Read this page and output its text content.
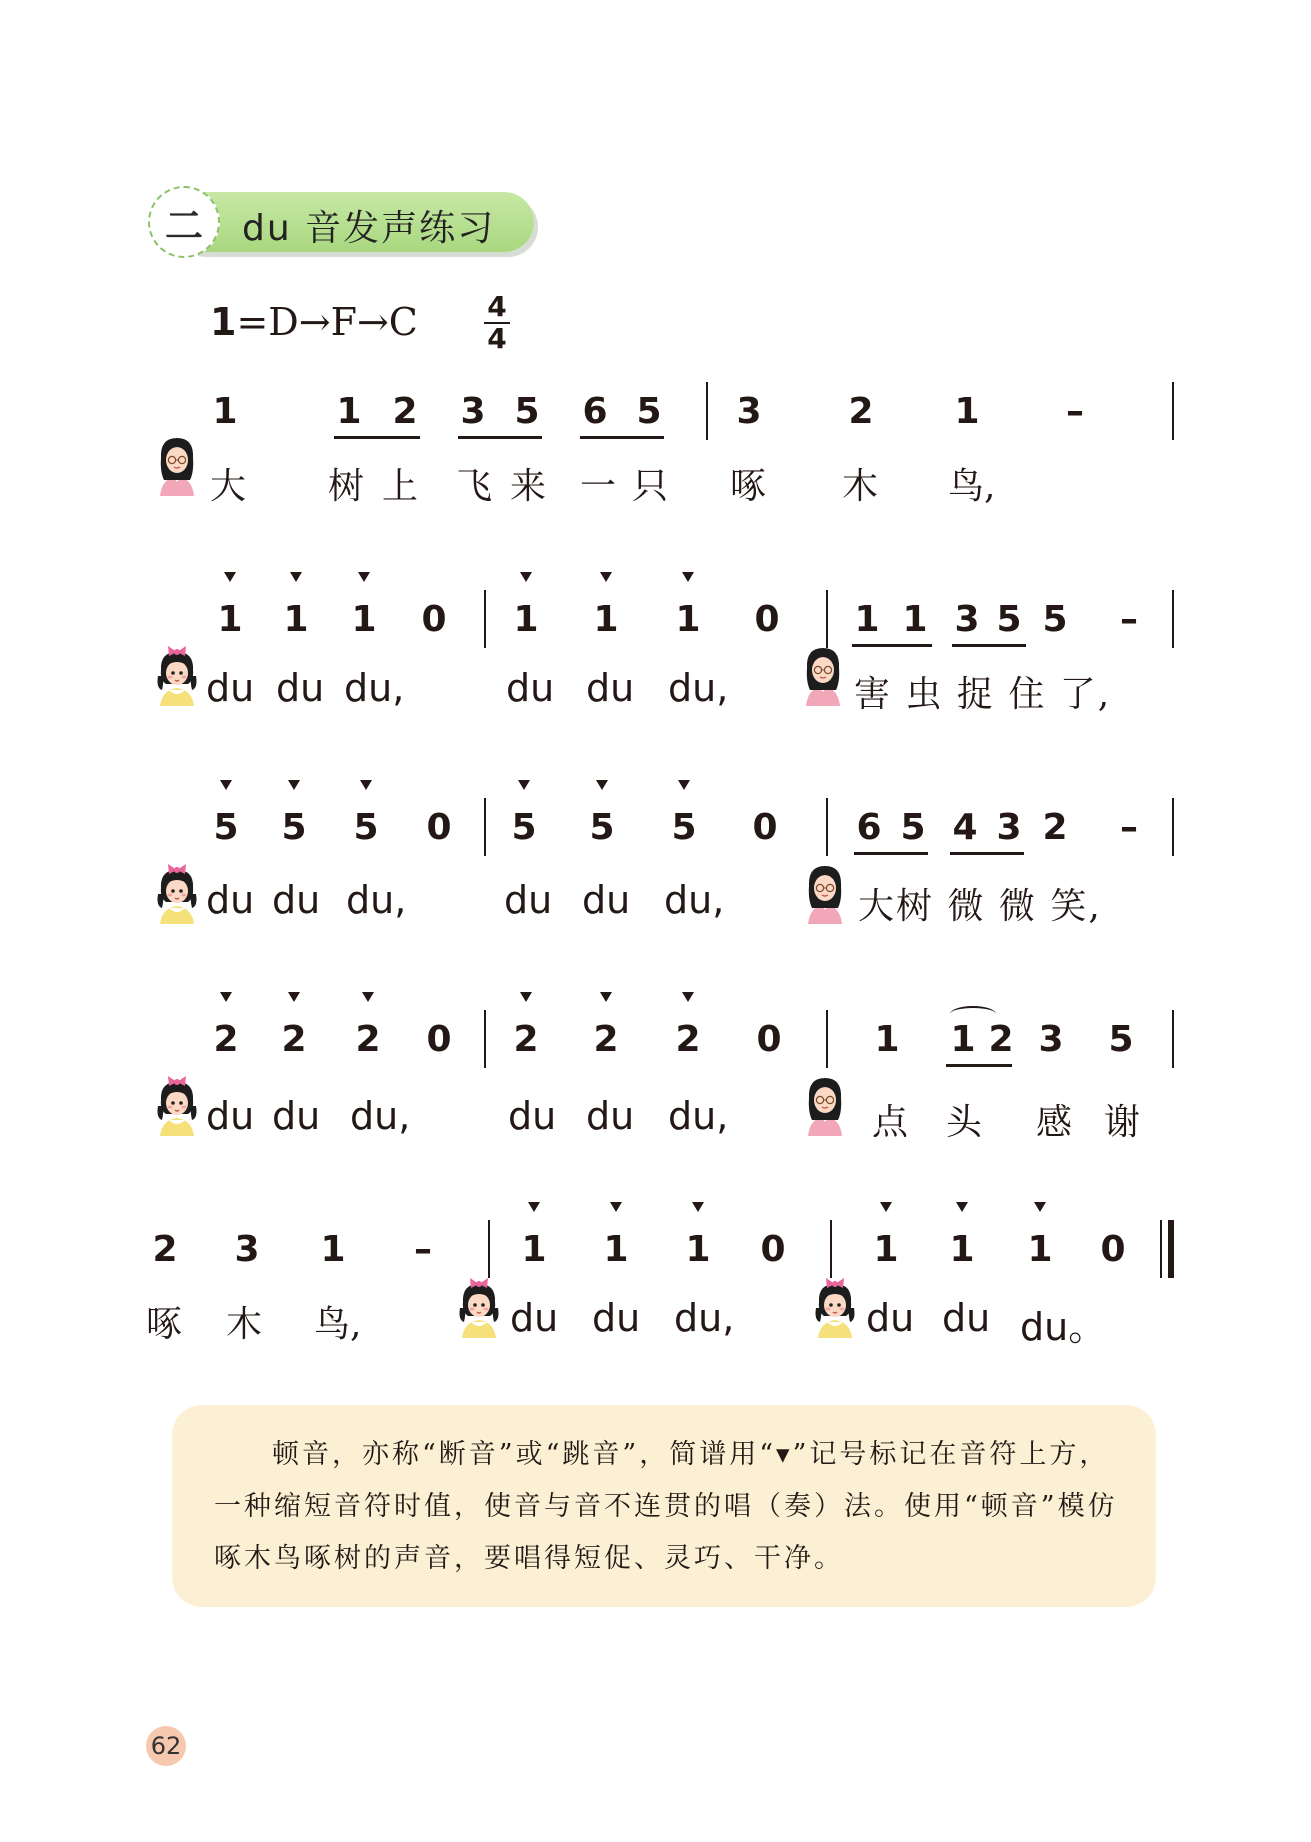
二 du 音发声练习
1=D→F→C 4
4
1	1 2 3 5 6 5 3 2 1 –
大 树 上 飞 来 一 只 啄 木 鸟,
1 1 1 0 1 1 1 0 1 1 3 5 5 –
du du du,	du du du,	害 虫 捉 住 了,
5 5 5 0 5 5 5 0 6 5 4 3 2 –
du du du,	du du du,	大树 微 微 笑,
2 2 2 0 2 2 2 0	1 1 2 3 5
du du du,	du du du,	点 头 感 谢
2 3 1 – 1 1 1 0 1 1 1 0
啄 木 鸟,	du du du,	du du du。
顿音，亦称“断音”或“跳音”，简谱用“▾”记号标记在音符上方，一种缩短音符时值，使音与音不连贯的唱（奏）法。使用“顿音”模仿啄木鸟啄树的声音，要唱得短促、灵巧、干净。
62
